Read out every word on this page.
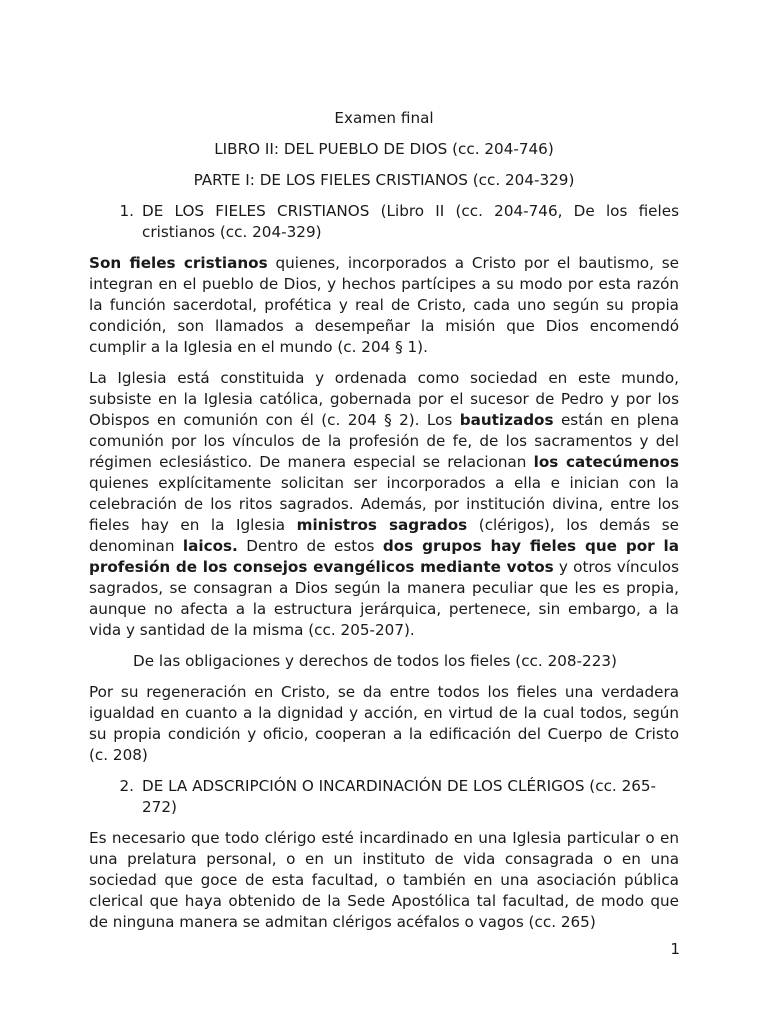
Examen final
LIBRO II: DEL PUEBLO DE DIOS (cc. 204-746)
PARTE I: DE LOS FIELES CRISTIANOS (cc. 204-329)
1. DE LOS FIELES CRISTIANOS (Libro II (cc. 204-746, De los fieles cristianos (cc. 204-329)

Son fieles cristianos quienes, incorporados a Cristo por el bautismo, se integran en el pueblo de Dios, y hechos partícipes a su modo por esta razón la función sacerdotal, profética y real de Cristo, cada uno según su propia condición, son llamados a desempeñar la misión que Dios encomendó cumplir a la Iglesia en el mundo (c. 204 § 1).

La Iglesia está constituida y ordenada como sociedad en este mundo, subsiste en la Iglesia católica, gobernada por el sucesor de Pedro y por los Obispos en comunión con él (c. 204 § 2). Los bautizados están en plena comunión por los vínculos de la profesión de fe, de los sacramentos y del régimen eclesiástico. De manera especial se relacionan los catecúmenos quienes explícitamente solicitan ser incorporados a ella e inician con la celebración de los ritos sagrados. Además, por institución divina, entre los fieles hay en la Iglesia ministros sagrados (clérigos), los demás se denominan laicos. Dentro de estos dos grupos hay fieles que por la profesión de los consejos evangélicos mediante votos y otros vínculos sagrados, se consagran a Dios según la manera peculiar que les es propia, aunque no afecta a la estructura jerárquica, pertenece, sin embargo, a la vida y santidad de la misma (cc. 205-207).

De las obligaciones y derechos de todos los fieles (cc. 208-223)

Por su regeneración en Cristo, se da entre todos los fieles una verdadera igualdad en cuanto a la dignidad y acción, en virtud de la cual todos, según su propia condición y oficio, cooperan a la edificación del Cuerpo de Cristo (c. 208)

2. DE LA ADSCRIPCIÓN O INCARDINACIÓN DE LOS CLÉRIGOS (cc. 265-272)

Es necesario que todo clérigo esté incardinado en una Iglesia particular o en una prelatura personal, o en un instituto de vida consagrada o en una sociedad que goce de esta facultad, o también en una asociación pública clerical que haya obtenido de la Sede Apostólica tal facultad, de modo que de ninguna manera se admitan clérigos acéfalos o vagos (cc. 265)

1
